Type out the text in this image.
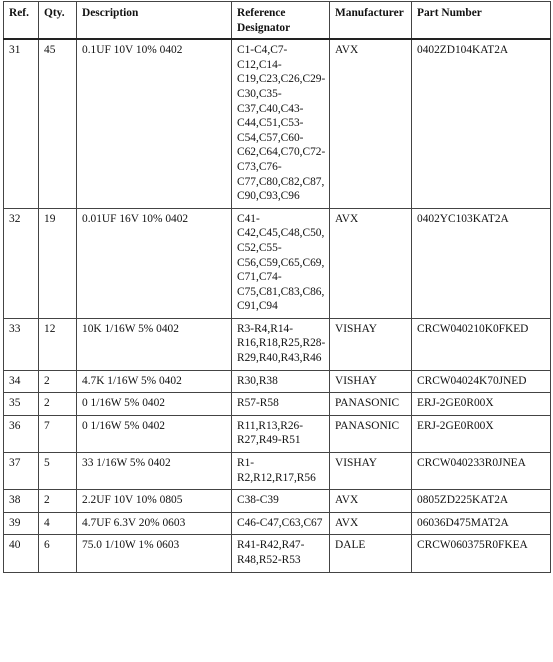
Ref.	Qty.	Description	Reference Designator	Manufacturer	Part Number
31	45	0.1UF 10V 10% 0402	C1-C4,C7-C12,C14-C19,C23,C26,C29-C30,C35-C37,C40,C43-C44,C51,C53-C54,C57,C60-C62,C64,C70,C72-C73,C76-C77,C80,C82,C87,C90,C93,C96	AVX	0402ZD104KAT2A
32	19	0.01UF 16V 10% 0402	C41-C42,C45,C48,C50,C52,C55-C56,C59,C65,C69,C71,C74-C75,C81,C83,C86,C91,C94	AVX	0402YC103KAT2A
33	12	10K 1/16W 5% 0402	R3-R4,R14-R16,R18,R25,R28-R29,R40,R43,R46	VISHAY	CRCW040210K0FKED
34	2	4.7K 1/16W 5% 0402	R30,R38	VISHAY	CRCW04024K70JNED
35	2	0 1/16W 5% 0402	R57-R58	PANASONIC	ERJ-2GE0R00X
36	7	0 1/16W 5% 0402	R11,R13,R26-R27,R49-R51	PANASONIC	ERJ-2GE0R00X
37	5	33 1/16W 5% 0402	R1-R2,R12,R17,R56	VISHAY	CRCW040233R0JNEA
38	2	2.2UF 10V 10% 0805	C38-C39	AVX	0805ZD225KAT2A
39	4	4.7UF 6.3V 20% 0603	C46-C47,C63,C67	AVX	06036D475MAT2A
40	6	75.0 1/10W 1% 0603	R41-R42,R47-R48,R52-R53	DALE	CRCW060375R0FKEA
